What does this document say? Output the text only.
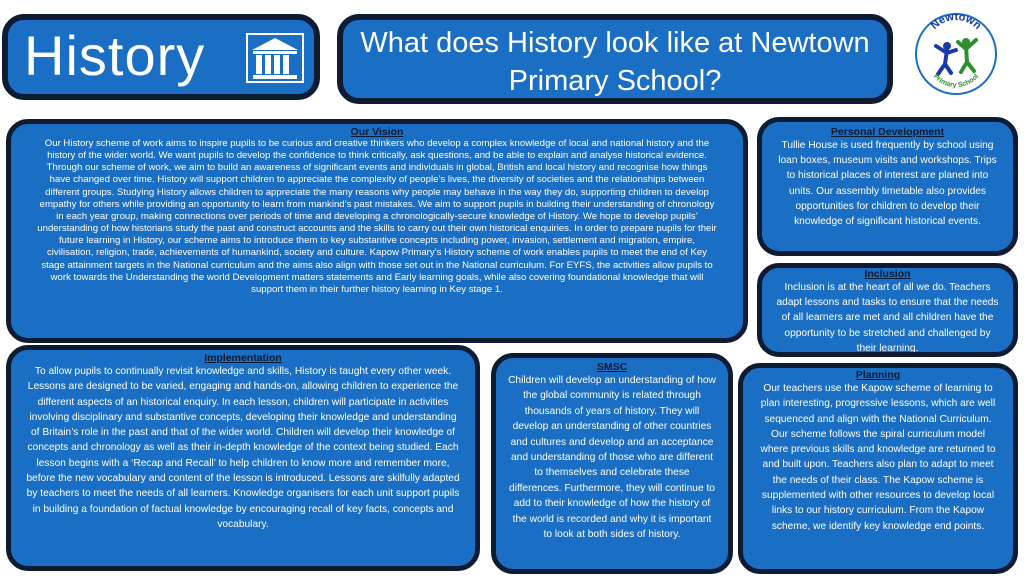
History	What does History look like at Newtown Primary School?
Newtown
Primary School
Our Vision

Our History scheme of work aims to inspire pupils to be curious and creative thinkers who develop a complex knowledge of local and national history and the history of the wider world. We want pupils to develop the confidence to think critically, ask questions, and be able to explain and analyse historical evidence. Through our scheme of work, we aim to build an awareness of significant events and individuals in global, British and local history and recognise how things have changed over time. History will support children to appreciate the complexity of people’s lives, the diversity of societies and the relationships between different groups. Studying History allows children to appreciate the many reasons why people may behave in the way they do, supporting children to develop empathy for others while providing an opportunity to learn from mankind’s past mistakes. We aim to support pupils in building their understanding of chronology in each year group, making connections over periods of time and developing a chronologically-secure knowledge of History. We hope to develop pupils’ understanding of how historians study the past and construct accounts and the skills to carry out their own historical enquiries. In order to prepare pupils for their future learning in History, our scheme aims to introduce them to key substantive concepts including power, invasion, settlement and migration, empire, civilisation, religion, trade, achievements of humankind, society and culture. Kapow Primary’s History scheme of work enables pupils to meet the end of Key stage attainment targets in the National curriculum and the aims also align with those set out in the National curriculum. For EYFS, the activities allow pupils to work towards the Understanding the world Development matters statements and Early learning goals, while also covering foundational knowledge that will support them in their further history learning in Key stage 1.

Personal Development

Tullie House is used frequently by school using loan boxes, museum visits and workshops. Trips to historical places of interest are planed into units. Our assembly timetable also provides opportunities for children to develop their knowledge of significant historical events.

Inclusion

Inclusion is at the heart of all we do. Teachers adapt lessons and tasks to ensure that the needs of all learners are met and all children have the opportunity to be stretched and challenged by their learning.

Implementation

To allow pupils to continually revisit knowledge and skills, History is taught every other week. Lessons are designed to be varied, engaging and hands-on, allowing children to experience the different aspects of an historical enquiry. In each lesson, children will participate in activities involving disciplinary and substantive concepts, developing their knowledge and understanding of Britain’s role in the past and that of the wider world. Children will develop their knowledge of concepts and chronology as well as their in-depth knowledge of the context being studied. Each lesson begins with a ‘Recap and Recall’ to help children to know more and remember more, before the new vocabulary and content of the lesson is introduced. Lessons are skilfully adapted by teachers to meet the needs of all learners. Knowledge organisers for each unit support pupils in building a foundation of factual knowledge by encouraging recall of key facts, concepts and vocabulary.

SMSC

Children will develop an understanding of how the global community is related through thousands of years of history. They will develop an understanding of other countries and cultures and develop and an acceptance and understanding of those who are different to themselves and celebrate these differences. Furthermore, they will continue to add to their knowledge of how the history of the world is recorded and why it is important to look at both sides of history.

Planning

Our teachers use the Kapow scheme of learning to plan interesting, progressive lessons, which are well sequenced and align with the National Curriculum. Our scheme follows the spiral curriculum model where previous skills and knowledge are returned to and built upon. Teachers also plan to adapt to meet the needs of their class. The Kapow scheme is supplemented with other resources to develop local links to our history curriculum. From the Kapow scheme, we identify key knowledge end points.
